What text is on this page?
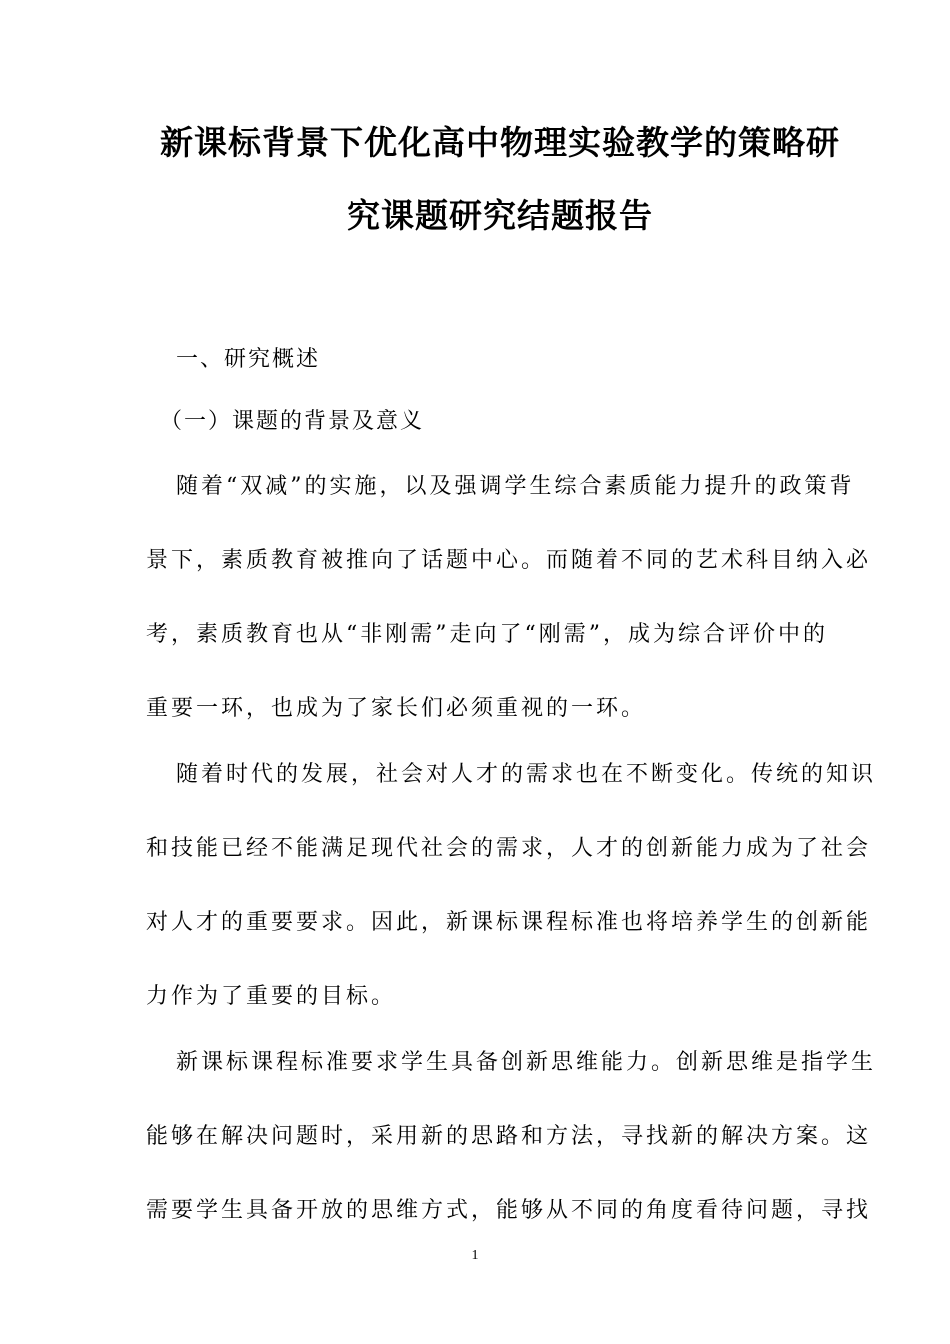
新课标背景下优化高中物理实验教学的策略研
究课题研究结题报告
一、研究概述
（一）课题的背景及意义
随着“双减”的实施，以及强调学生综合素质能力提升的政策背
景下，素质教育被推向了话题中心。而随着不同的艺术科目纳入必
考，素质教育也从“非刚需”走向了“刚需”，成为综合评价中的
重要一环，也成为了家长们必须重视的一环。
随着时代的发展，社会对人才的需求也在不断变化。传统的知识
和技能已经不能满足现代社会的需求，人才的创新能力成为了社会
对人才的重要要求。因此，新课标课程标准也将培养学生的创新能
力作为了重要的目标。
新课标课程标准要求学生具备创新思维能力。创新思维是指学生
能够在解决问题时，采用新的思路和方法，寻找新的解决方案。这
需要学生具备开放的思维方式，能够从不同的角度看待问题，寻找
1
